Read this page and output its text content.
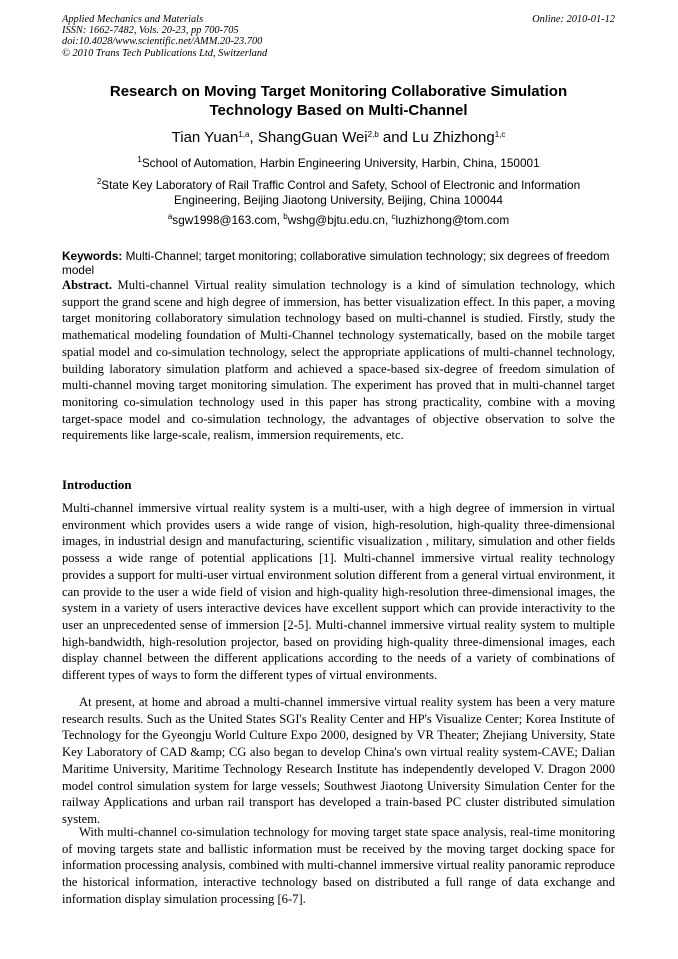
Applied Mechanics and Materials	Online: 2010-01-12
ISSN: 1662-7482, Vols. 20-23, pp 700-705
doi:10.4028/www.scientific.net/AMM.20-23.700
© 2010 Trans Tech Publications Ltd, Switzerland
Research on Moving Target Monitoring Collaborative Simulation
Technology Based on Multi-Channel
Tian Yuan$^{1,a}$, ShangGuan Wei$^{2,b}$ and Lu Zhizhong$^{1,c}$
$^1$School of Automation, Harbin Engineering University, Harbin, China, 150001
$^2$State Key Laboratory of Rail Traffic Control and Safety, School of Electronic and Information
Engineering, Beijing Jiaotong University, Beijing, China 100044
$^a$sgw1998@163.com, $^b$wshg@bjtu.edu.cn, $^c$luzhizhong@tom.com
Keywords: Multi-Channel; target monitoring; collaborative simulation technology; six degrees of freedom model
Abstract. Multi-channel Virtual reality simulation technology is a kind of simulation technology, which support the grand scene and high degree of immersion, has better visualization effect. In this paper, a moving target monitoring collaboratory simulation technology based on multi-channel is studied. Firstly, study the mathematical modeling foundation of Multi-Channel technology systematically, based on the mobile target spatial model and co-simulation technology, select the appropriate applications of multi-channel technology, building laboratory simulation platform and achieved a space-based six-degree of freedom simulation of multi-channel moving target monitoring simulation. The experiment has proved that in multi-channel target monitoring co-simulation technology used in this paper has strong practicality, combine with a moving target-space model and co-simulation technology, the advantages of objective observation to solve the requirements like large-scale, realism, immersion requirements, etc.
Introduction
Multi-channel immersive virtual reality system is a multi-user, with a high degree of immersion in virtual environment which provides users a wide range of vision, high-resolution, high-quality three-dimensional images, in industrial design and manufacturing, scientific visualization , military, simulation and other fields possess a wide range of potential applications [1]. Multi-channel immersive virtual reality technology provides a support for multi-user virtual environment solution different from a general virtual environment, it can provide to the user a wide field of vision and high-quality high-resolution three-dimensional images, the system in a variety of users interactive devices have excellent support which can provide interactivity to the user an unprecedented sense of immersion [2-5]. Multi-channel immersive virtual reality system to multiple high-bandwidth, high-resolution projector, based on providing high-quality three-dimensional images, each display channel between the different applications according to the needs of a variety of combinations of different types of ways to form the different types of virtual environments.
At present, at home and abroad a multi-channel immersive virtual reality system has been a very mature research results. Such as the United States SGI's Reality Center and HP's Visualize Center; Korea Institute of Technology for the Gyeongju World Culture Expo 2000, designed by VR Theater; Zhejiang University, State Key Laboratory of CAD &amp; CG also began to develop China's own virtual reality system-CAVE; Dalian Maritime University, Maritime Technology Research Institute has independently developed V. Dragon 2000 model control simulation system for large vessels; Southwest Jiaotong University Simulation Center for the railway Applications and urban rail transport has developed a train-based PC cluster distributed simulation system.
With multi-channel co-simulation technology for moving target state space analysis, real-time monitoring of moving targets state and ballistic information must be received by the moving target docking space for information processing analysis, combined with multi-channel immersive virtual reality panoramic reproduce the historical information, interactive technology based on distributed a full range of data exchange and information display simulation processing [6-7].
